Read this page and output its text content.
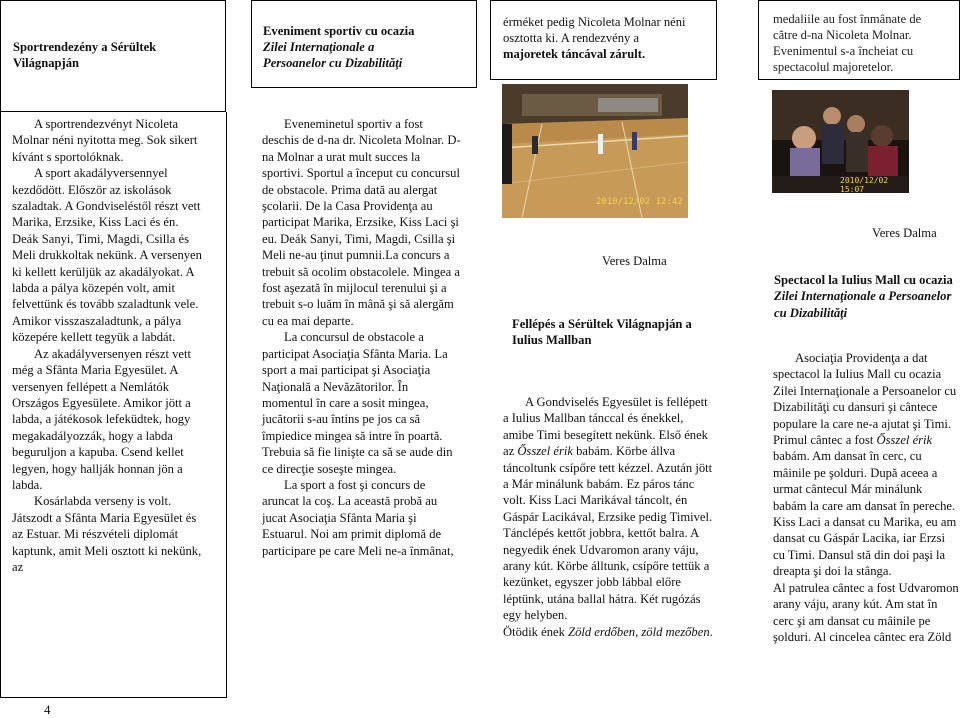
Sportrendezény a Sérültek Világnapján

A sportrendezvényt Nicoleta Molnar néni nyitotta meg. Sok sikert kívánt s sportolóknak.

A sport akadályversennyel kezdődött. Először az iskolások szaladtak. A Gondviseléstől részt vett Marika, Erzsike, Kiss Laci és én. Deák Sanyi, Timi, Magdi, Csilla és Meli drukkoltak nekünk. A versenyen ki kellett kerüljük az akadályokat. A labda a pálya közepén volt, amit felvettünk és tovább szaladtunk vele. Amikor visszaszaladtunk, a pálya közepére kellett tegyük a labdát.

Az akadályversenyen részt vett még a Sfânta Maria Egyesület. A versenyen fellépett a Nemlátók Országos Egyesülete. Amikor jött a labda, a játékosok lefeküdtek, hogy megakadályozzák, hogy a labda beguruljon a kapuba. Csend kellet legyen, hogy hallják honnan jön a labda.

Kosárlabda verseny is volt. Játszodt a Sfânta Maria Egyesület és az Estuar. Mi részvételi diplomát kaptunk, amit Meli osztott ki nekünk, az

4
Eveniment sportiv cu ocazia
Zilei Internaţionale a
Persoanelor cu Dizabilităţi

Eveneminetul sportiv a fost deschis de d-na dr. Nicoleta Molnar. D-na Molnar a urat mult succes la sportivi. Sportul a început cu concursul de obstacole. Prima dată au alergat şcolarii. De la Casa Providenţa au participat Marika, Erzsike, Kiss Laci şi eu. Deák Sanyi, Timi, Magdi, Csilla şi Meli ne-au ţinut pumnii.La concurs a trebuit să ocolim obstacolele. Mingea a fost aşezată în mijlocul terenului şi a trebuit s-o luăm în mână şi să alergăm cu ea mai departe.

La concursul de obstacole a participat Asociaţia Sfânta Maria. La sport a mai participat şi Asociaţia Naţională a Nevăzătorilor. În momentul în care a sosit mingea, jucătorii s-au întins pe jos ca să împiedice mingea să intre în poartă. Trebuia să fie linişte ca să se aude din ce direcţie soseşte mingea.

La sport a fost şi concurs de aruncat la coş. La această probă au jucat Asociaţia Sfânta Maria şi Estuarul. Noi am primit diplomă de participare pe care Meli ne-a înmânat,

érméket pedig Nicoleta Molnar néni
osztotta ki. A rendezvény a
majoretek táncával zárult.
2010/12/02 12:42
Veres Dalma
Fellépés a Sérültek Világnapján a Iulius Mallban

A Gondviselés Egyesület is fellépett a Iulius Mallban tánccal és énekkel, amibe Timi besegített nekünk. Első ének az Ősszel érik babám. Körbe állva táncoltunk csípőre tett kézzel. Azután jött a Már minálunk babám. Ez páros tánc volt. Kiss Laci Marikával táncolt, én Gáspár Lacikával, Erzsike pedig Timivel. Tánclépés kettőt jobbra, kettőt balra. A negyedik ének Udvaromon arany váju, arany kút. Körbe álltunk, csípőre tettük a kezünket, egyszer jobb lábbal előre léptünk, utána ballal hátra. Két rugózás egy helyben.
Ötödik ének Zöld erdőben, zöld mezőben.

medaliile au fost înmânate de
către d-na Nicoleta Molnar.
Evenimentul s-a încheiat cu
spectacolul majoretelor.
2010/12/02 15:07
Veres Dalma
Spectacol la Iulius Mall cu ocazia Zilei Internaţionale a Persoanelor cu Dizabilităţi

Asociaţia Providenţa a dat spectacol la Iulius Mall cu ocazia Zilei Internaţionale a Persoanelor cu Dizabilităţi cu dansuri şi cântece populare la care ne-a ajutat şi Timi. Primul cântec a fost Ősszel érik babám. Am dansat în cerc, cu mâinile pe şolduri. După aceea a urmat cântecul Már minálunk babám la care am dansat în pereche. Kiss Laci a dansat cu Marika, eu am dansat cu Gáspár Lacika, iar Erzsi cu Timi. Dansul stă din doi paşi la dreapta şi doi la stânga.
Al patrulea cântec a fost Udvaromon arany váju, arany kút. Am stat în cerc şi am dansat cu mâinile pe şolduri. Al cincelea cântec era Zöld
